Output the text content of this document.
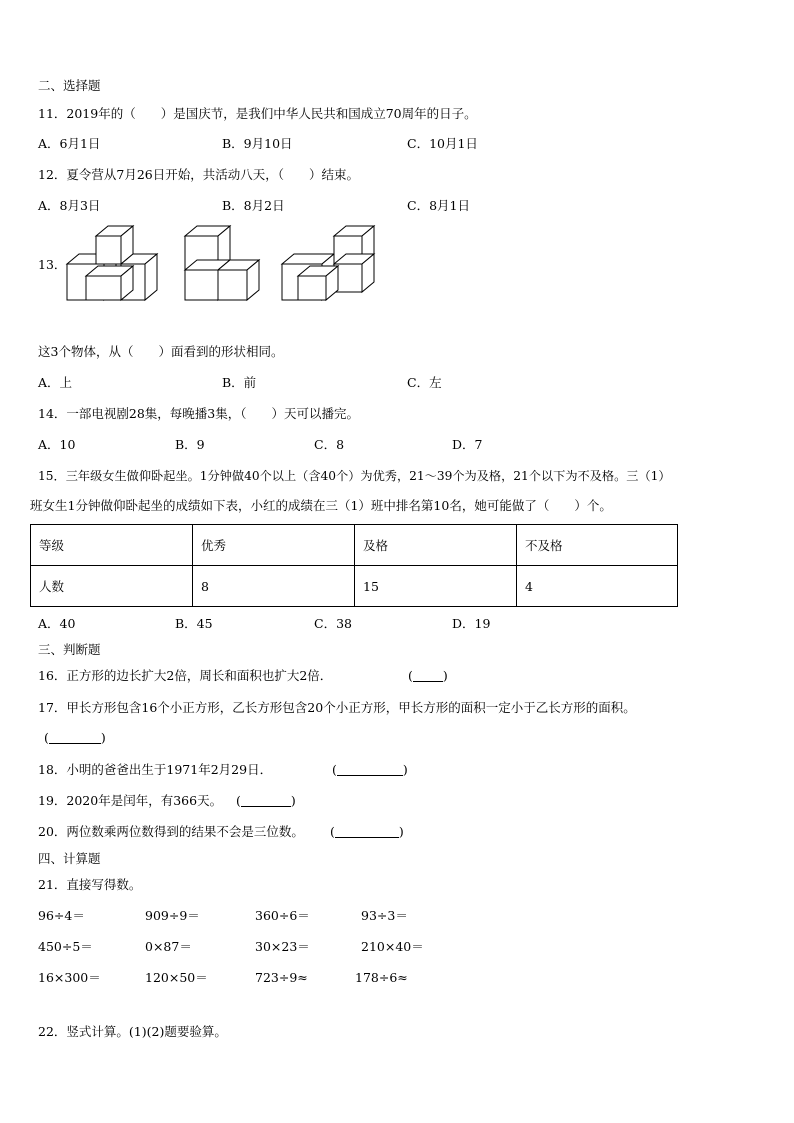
二、选择题
11．2019年的（　　）是国庆节，是我们中华人民共和国成立70周年的日子。
A．6月1日	B．9月10日	C．10月1日
12．夏令营从7月26日开始，共活动八天，（　　）结束。
A．8月3日	B．8月2日	C．8月1日
13．
这3个物体，从（　　）面看到的形状相同。
A．上	B．前	C．左
14．一部电视剧28集，每晚播3集，（　　）天可以播完。
A．10	B．9	C．8	D．7
15．三年级女生做仰卧起坐。1分钟做40个以上（含40个）为优秀，21～39个为及格，21个以下为不及格。三（1）
班女生1分钟做仰卧起坐的成绩如下表，小红的成绩在三（1）班中排名第10名，她可能做了（　　）个。
等级	优秀	及格	不及格
人数	8	15	4
A．40	B．45	C．38	D．19
三、判断题
16．正方形的边长扩大2倍，周长和面积也扩大2倍．	( )
17．甲长方形包含16个小正方形，乙长方形包含20个小正方形，甲长方形的面积一定小于乙长方形的面积。
(	)
18．小明的爸爸出生于1971年2月29日．	(	)
19．2020年是闰年，有366天。 (	)
20．两位数乘两位数得到的结果不会是三位数。 (	)
四、计算题
21．直接写得数。
96÷4＝	909÷9＝	360÷6＝	93÷3＝
450÷5＝	0×87＝	30×23＝	210×40＝
16×300＝	120×50＝	723÷9≈	178÷6≈
22．竖式计算。(1)(2)题要验算。
